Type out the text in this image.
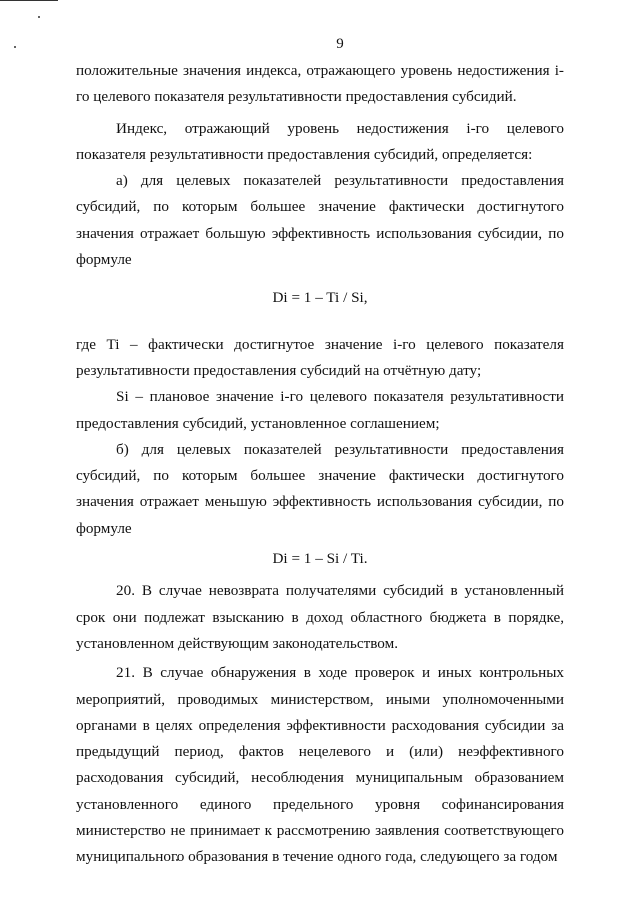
9

положительные значения индекса, отражающего уровень недостижения i-го целевого показателя результативности предоставления субсидий.

Индекс, отражающий уровень недостижения i-го целевого показателя результативности предоставления субсидий, определяется:

а) для целевых показателей результативности предоставления субсидий, по которым большее значение фактически достигнутого значения отражает большую эффективность использования субсидии, по формуле

Di = 1 – Ti / Si,

где Ti – фактически достигнутое значение i-го целевого показателя результативности предоставления субсидий на отчётную дату;

Si – плановое значение i-го целевого показателя результативности предоставления субсидий, установленное соглашением;

б) для целевых показателей результативности предоставления субсидий, по которым большее значение фактически достигнутого значения отражает меньшую эффективность использования субсидии, по формуле

Di = 1 – Si / Ti.

20. В случае невозврата получателями субсидий в установленный срок они подлежат взысканию в доход областного бюджета в порядке, установленном действующим законодательством.

21. В случае обнаружения в ходе проверок и иных контрольных мероприятий, проводимых министерством, иными уполномоченными органами в целях определения эффективности расходования субсидии за предыдущий период, фактов нецелевого и (или) неэффективного расходования субсидий, несоблюдения муниципальным образованием установленного единого предельного уровня софинансирования министерство не принимает к рассмотрению заявления соответствующего муниципального образования в течение одного года, следующего за годом
